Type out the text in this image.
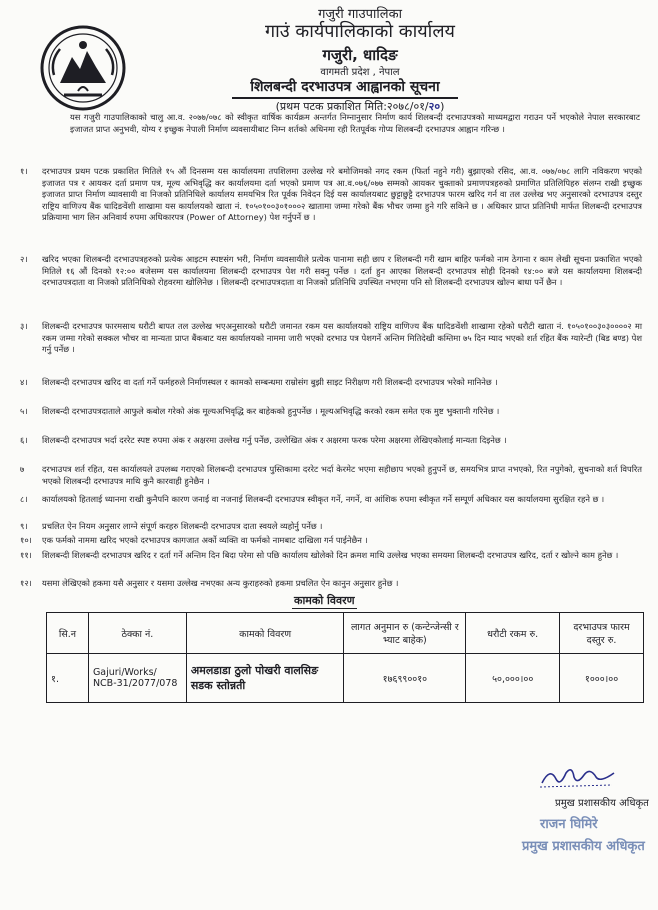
गजुरी गाउपालिका
गाउं कार्यपालिकाको कार्यालय
गजुरी, धादिङ
वागमती प्रदेश , नेपाल
शिलबन्दी दरभाउपत्र आह्वानको सूचना
(प्रथम पटक प्रकाशित मिति:२०७८/०१/२०)
यस गजुरी गाउपालिकाको चालु आ.व. २०७७/०७८ को स्वीकृत वार्षिक कार्यक्रम अन्तर्गत निम्नानुसार निर्माण कार्य शिलबन्दी दरभाउपत्रको माध्यमद्वारा गराउन पर्ने भएकोले नेपाल सरकारबाट इजाजत प्राप्त अनुभवी, योग्य र इच्छुक नेपाली निर्माण व्यवसायीबाट निम्न शर्तको अधिनमा रही रितपूर्वक गोप्य शिलबन्दी दरभाउपत्र आह्वान गरिन्छ ।
१।	दरभाउपत्र प्रथम पटक प्रकाशित मितिले १५ औं दिनसम्म यस कार्यालयमा तपशिलमा उल्लेख गरे बमोजिमको नगद रकम (फिर्ता नहुने गरी) बुझाएको रसिद, आ.व. ०७७/०७८ लागि नविकरण भएको इजाजत पत्र र आयकर दर्ता प्रमाण पत्र, मूल्य अभिवृद्धि कर कार्यालयमा दर्ता भएको प्रमाण पत्र आ.व.०७६/०७७ सम्मको आयकर चुक्ताको प्रमाणपत्रहरुको प्रमाणित प्रतिलिपिहरु संलग्न राखी इच्छुक इजाजत प्राप्त निर्माण व्यावसायी वा निजको प्रतिनिधिले कार्यालय समयभित्र रित पूर्वक निवेदन दिई यस कार्यालयबाट छुट्टाछुट्टै दरभाउपत्र फारम खरिद गर्न वा तल उल्लेख भए अनुसारको दरभाउपत्र दस्तुर राष्ट्रिय वाणिज्य बैंक धादिङवेंशी शाखामा यस कार्यालयको खाता नं. १०५०१००३०१०००२ खातामा जम्मा गरेको बैंक भौचर जम्मा हुने गरि सकिने छ । अधिकार प्राप्त प्रतिनिधी मार्फत शिलबन्दी दरभाउपत्र प्रक्रियामा भाग लिन अनिवार्य रुपमा अधिकारपत्र (Power of Attorney) पेश गर्नुपर्ने छ ।
२।	खरिद भएका शिलबन्दी दरभाउपत्रहरुको प्रत्येक आइटम स्पष्टसंग भरी, निर्माण व्यवसायीले प्रत्येक पानामा सही छाप र शिलबन्दी गरी खाम बाहिर फर्मको नाम ठेगाना र काम लेखी सूचना प्रकाशित भएको मितिले १६ औं दिनको १२:०० बजेसम्म यस कार्यालयमा शिलबन्दी दरभाउपत्र पेश गरी सक्नु पर्नेछ । दर्ता हुन आएका शिलबन्दी दरभाउपत्र सोही दिनको १४:०० बजे यस कार्यालयमा शिलबन्दी दरभाउपत्रदाता वा निजको प्रतिनिधिको रोहवरमा खोलिनेछ । शिलबन्दी दरभाउपत्रदाता वा निजको प्रतिनिधि उपस्थित नभएमा पनि सो शिलबन्दी दरभाउपत्र खोल्न बाधा पर्ने छैन ।
३।	शिलबन्दी दरभाउपत्र फारमसाथ धरौटी बापत तल उल्लेख भएअनुसारको धरौटी जमानत रकम यस कार्यालयको राष्ट्रिय वाणिज्य बैंक धादिङवेंशी शाखामा रहेको धरौटी खाता नं. १०५०१००३०३००००२ मा रकम जम्मा गरेको सक्कल भौचर वा मान्यता प्राप्त बैंकबाट यस कार्यालयको नाममा जारी भएको दरभाउ पत्र पेशगर्ने अन्तिम मितिदेखी कम्तिमा ७५ दिन म्याद भएको शर्त रहित बैंक ग्यारेन्टी (बिड बण्ड) पेश गर्नु पर्नेछ ।
४।	शिलबन्दी दरभाउपत्र खरिद वा दर्ता गर्ने फर्महरुले निर्माणस्थल र कामको सम्बन्धमा राम्रोसंग बुझी साइट निरीक्षण गरी शिलबन्दी दरभाउपत्र भरेको मानिनेछ ।
५।	शिलबन्दी दरभाउपत्रदाताले आफुले कबोल गरेको अंक मूल्यअभिवृद्धि कर बाहेकको हुनुपर्नेछ । मूल्यअभिवृद्धि करको रकम समेत एक मुष्ट भुक्तानी गरिनेछ ।
६।	शिलबन्दी दरभाउपत्र भर्दा दररेट स्पष्ट रुपमा अंक र अक्षरमा उल्लेख गर्नु पर्नेछ, उल्लेखित अंक र अक्षरमा फरक परेमा अक्षरमा लेखिएकोलाई मान्यता दिइनेछ ।
७	दरभाउपत्र शर्त रहित, यस कार्यालयले उपलब्ध गराएको शिलबन्दी दरभाउपत्र पुस्तिकामा दररेट भर्दा केरमेट भएमा सहीछाप भएको हुनुपर्ने छ, समयभित्र प्राप्त नभएको, रित नपुगेको, सुचनाको शर्त विपरित भएको शिलबन्दी दरभाउपत्र माथि कुनै कारवाही हुनेछैन ।
८।	कार्यालयको हितलाई ध्यानमा राखी कुनैपनि कारण जनाई वा नजनाई शिलबन्दी दरभाउपत्र स्वीकृत गर्ने, नगर्ने, वा आंशिक रुपमा स्वीकृत गर्ने सम्पूर्ण अधिकार यस कार्यालयमा सुरक्षित रहने छ ।
९।	प्रचलित ऐन नियम अनुसार लाग्ने संपूर्ण करहरु शिलबन्दी दरभाउपत्र दाता स्वयले व्यहोर्नु पर्नेछ ।
१०।	एक फर्मको नाममा खरिद भएको दरभाउपत्र कागजात अर्को व्यक्ति वा फर्मको नामबाट दाखिला गर्न पाईनेछैन ।
११।	शिलबन्दी शिलबन्दी दरभाउपत्र खरिद र दर्ता गर्ने अन्तिम दिन बिदा परेमा सो पछि कार्यालय खोलेको दिन क्रमश माथि उल्लेख भएका समयमा शिलबन्दी दरभाउपत्र खरिद, दर्ता र खोल्ने काम हुनेछ ।
१२।	यसमा लेखिएको हकमा यसै अनुसार र यसमा उल्लेख नभएका अन्य कुराहरुको हकमा प्रचलित ऐन कानुन अनुसार हुनेछ ।
कामको विवरण
सि.न	ठेक्का नं.	कामको विवरण	लागत अनुमान रु (कन्टेन्जेन्सी र भ्याट बाहेक)	धरौटी रकम रु.	दरभाउपत्र फारम दस्तुर रु.
१.	Gajuri/Works/ NCB-31/2077/078	अमलडाडा ठुलो पोखरी वालसिङ सडक स्तोन्नती	१७६९९००१०	५०,०००।००	१०००।००
प्रमुख प्रशासकीय अधिकृत
राजन घिमिरे
प्रमुख प्रशासकीय अधिकृत
